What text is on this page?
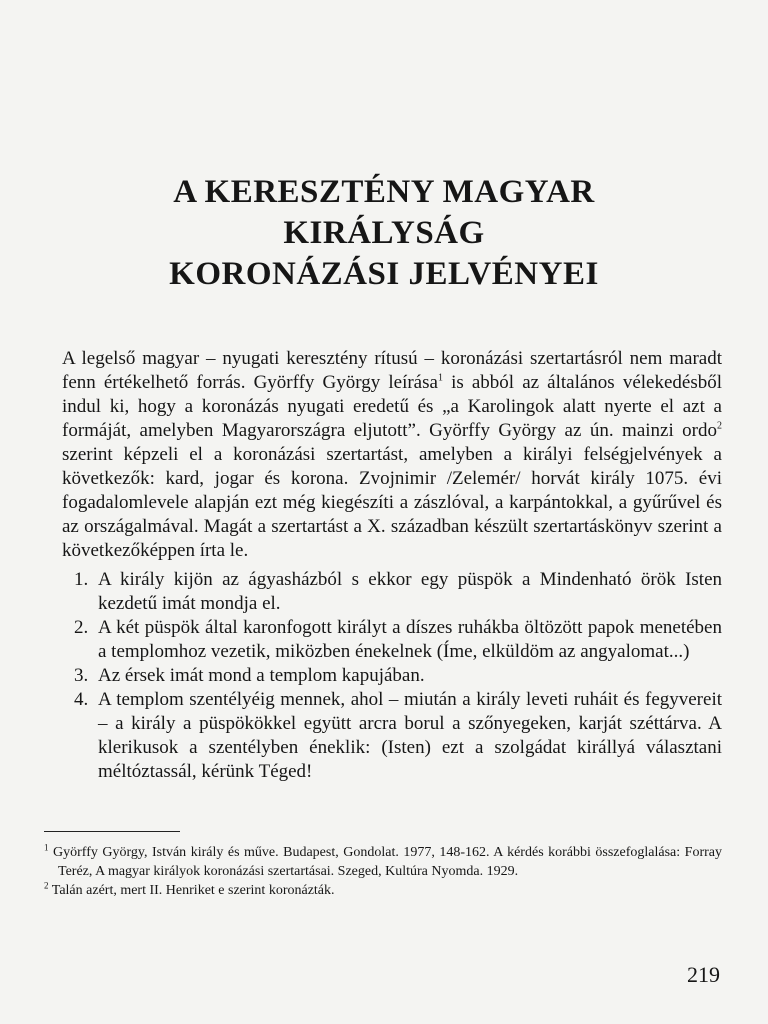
A KERESZTÉNY MAGYAR
KIRÁLYSÁG
KORONÁZÁSI JELVÉNYEI

A legelső magyar – nyugati keresztény rítusú – koronázási szertartásról nem maradt fenn értékelhető forrás. Györffy György leírása$^1$ is abból az általános vélekedésből indul ki, hogy a koronázás nyugati eredetű és „a Karolingok alatt nyerte el azt a formáját, amelyben Magyarországra eljutott”. Györffy György az ún. mainzi ordo$^2$ szerint képzeli el a koronázási szertartást, amelyben a királyi felségjelvények a következők: kard, jogar és korona. Zvojnimir /Zelemér/ horvát király 1075. évi fogadalomlevele alapján ezt még kiegészíti a zászlóval, a karpántokkal, a gyűrűvel és az országalmával. Magát a szertartást a X. században készült szertartáskönyv szerint a következőképpen írta le.

1. A király kijön az ágyasházból s ekkor egy püspök a Mindenható örök Isten kezdetű imát mondja el.
2. A két püspök által karonfogott királyt a díszes ruhákba öltözött papok menetében a templomhoz vezetik, miközben énekelnek (Íme, elküldöm az angyalomat...)
3. Az érsek imát mond a templom kapujában.
4. A templom szentélyéig mennek, ahol – miután a király leveti ruháit és fegyvereit – a király a püspökökkel együtt arcra borul a szőnyegeken, karját széttárva. A klerikusok a szentélyben éneklik: (Isten) ezt a szolgádat királlyá választani méltóztassál, kérünk Téged!

$^1$ Györffy György, István király és műve. Budapest, Gondolat. 1977, 148-162. A kérdés korábbi összefoglalása: Forray Teréz, A magyar királyok koronázási szertartásai. Szeged, Kultúra Nyomda. 1929.

$^2$ Talán azért, mert II. Henriket e szerint koronázták.

219
